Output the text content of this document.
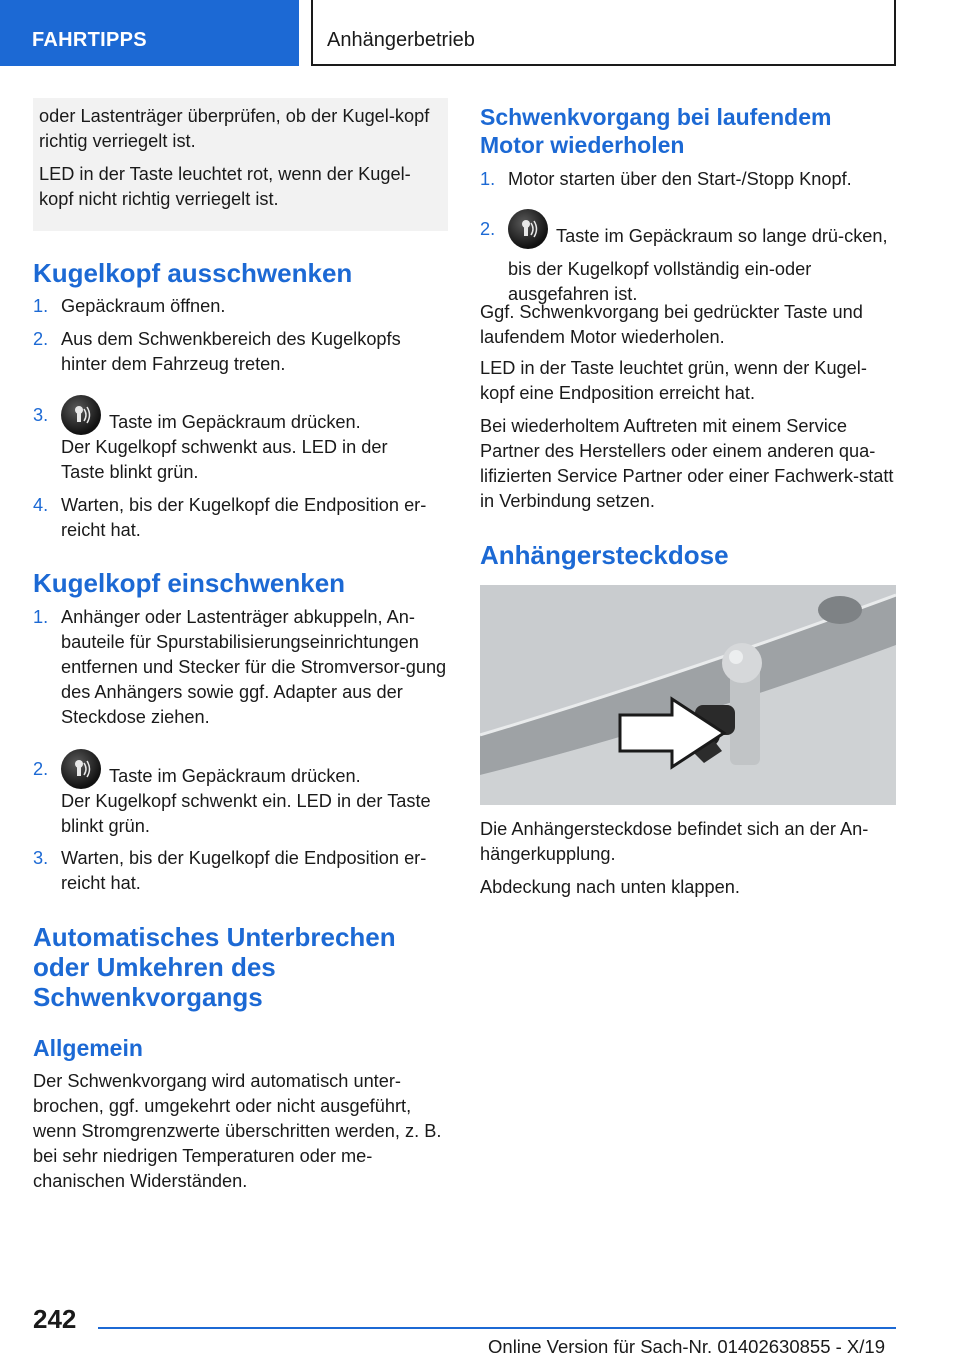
FAHRTIPPS	Anhängerbetrieb

oder Lastenträger überprüfen, ob der Kugel-kopf richtig verriegelt ist.

LED in der Taste leuchtet rot, wenn der Kugel-kopf nicht richtig verriegelt ist.

Kugelkopf ausschwenken
1. Gepäckraum öffnen.
2. Aus dem Schwenkbereich des Kugelkopfs hinter dem Fahrzeug treten.
3.	Taste im Gepäckraum drücken.

Der Kugelkopf schwenkt aus. LED in der Taste blinkt grün.

4. Warten, bis der Kugelkopf die Endposition er-reicht hat.
Kugelkopf einschwenken
1. Anhänger oder Lastenträger abkuppeln, An-bauteile für Spurstabilisierungseinrichtungen entfernen und Stecker für die Stromversor-gung des Anhängers sowie ggf. Adapter aus der Steckdose ziehen.
2.	Taste im Gepäckraum drücken.

Der Kugelkopf schwenkt ein. LED in der Taste blinkt grün.

3. Warten, bis der Kugelkopf die Endposition er-reicht hat.
Automatisches Unterbrechen oder Umkehren des Schwenkvorgangs
Allgemein

Der Schwenkvorgang wird automatisch unter-brochen, ggf. umgekehrt oder nicht ausgeführt, wenn Stromgrenzwerte überschritten werden, z. B. bei sehr niedrigen Temperaturen oder me-chanischen Widerständen.

Schwenkvorgang bei laufendem Motor wiederholen
1. Motor starten über den Start-/Stopp Knopf.
2.	Taste im Gepäckraum so lange drü-cken, bis der Kugelkopf vollständig ein-oder ausgefahren ist.

Ggf. Schwenkvorgang bei gedrückter Taste und laufendem Motor wiederholen.

LED in der Taste leuchtet grün, wenn der Kugel-kopf eine Endposition erreicht hat.

Bei wiederholtem Auftreten mit einem Service Partner des Herstellers oder einem anderen qua-lifizierten Service Partner oder einer Fachwerk-statt in Verbindung setzen.

Anhängersteckdose

Die Anhängersteckdose befindet sich an der An-hängerkupplung.

Abdeckung nach unten klappen.

242
Online Version für Sach-Nr. 01402630855 - X/19
